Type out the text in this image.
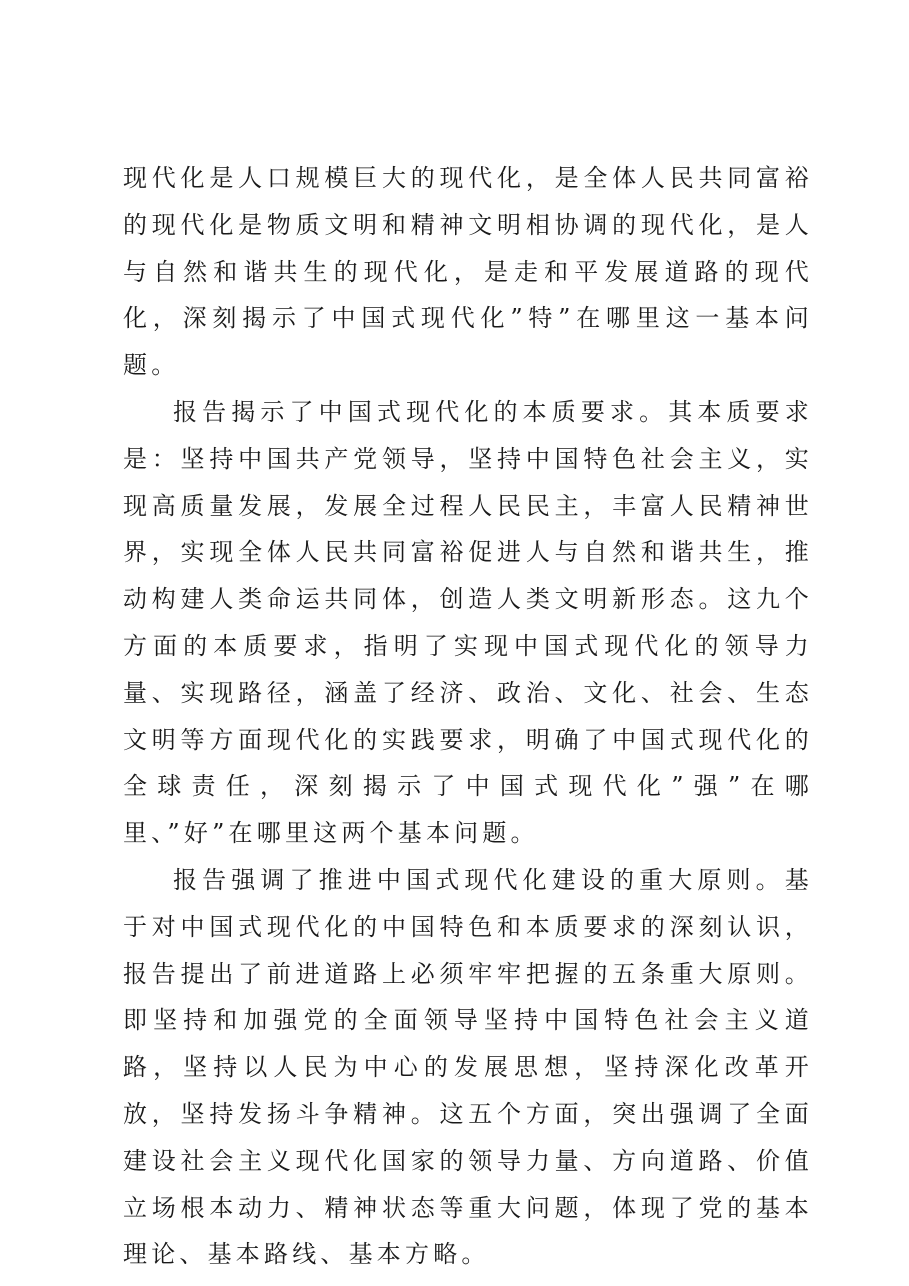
现代化是人口规模巨大的现代化，是全体人民共同富裕的现代化是物质文明和精神文明相协调的现代化，是人与自然和谐共生的现代化，是走和平发展道路的现代化，深刻揭示了中国式现代化”特”在哪里这一基本问题。

报告揭示了中国式现代化的本质要求。其本质要求是：坚持中国共产党领导，坚持中国特色社会主义，实现高质量发展，发展全过程人民民主，丰富人民精神世界，实现全体人民共同富裕促进人与自然和谐共生，推动构建人类命运共同体，创造人类文明新形态。这九个方面的本质要求，指明了实现中国式现代化的领导力量、实现路径，涵盖了经济、政治、文化、社会、生态文明等方面现代化的实践要求，明确了中国式现代化的全球责任，深刻揭示了中国式现代化”强”在哪里、”好”在哪里这两个基本问题。

报告强调了推进中国式现代化建设的重大原则。基于对中国式现代化的中国特色和本质要求的深刻认识，报告提出了前进道路上必须牢牢把握的五条重大原则。即坚持和加强党的全面领导坚持中国特色社会主义道路，坚持以人民为中心的发展思想，坚持深化改革开放，坚持发扬斗争精神。这五个方面，突出强调了全面建设社会主义现代化国家的领导力量、方向道路、价值立场根本动力、精神状态等重大问题，体现了党的基本理论、基本路线、基本方略。
